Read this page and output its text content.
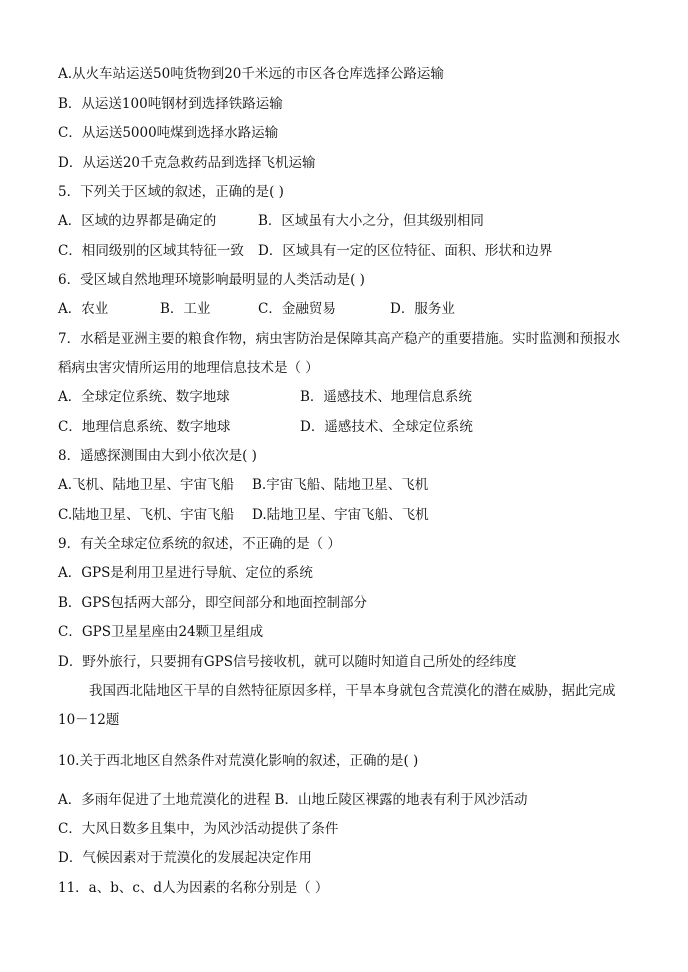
A.从火车站运送50吨货物到20千米远的市区各仓库选择公路运输
B．从运送100吨钢材到选择铁路运输
C．从运送5000吨煤到选择水路运输
D．从运送20千克急救药品到选择飞机运输
5．下列关于区域的叙述，正确的是( )
A．区域的边界都是确定的	B．区域虽有大小之分，但其级别相同
C．相同级别的区域其特征一致 D．区域具有一定的区位特征、面积、形状和边界
6．受区域自然地理环境影响最明显的人类活动是( )
A．农业	B．工业	C．金融贸易	D．服务业
7．水稻是亚洲主要的粮食作物，病虫害防治是保障其高产稳产的重要措施。实时监测和预报水
稻病虫害灾情所运用的地理信息技术是（ ）
A．全球定位系统、数字地球	B．遥感技术、地理信息系统
C．地理信息系统、数字地球	D．遥感技术、全球定位系统
8．遥感探测围由大到小依次是( )
A.飞机、陆地卫星、宇宙飞船 B.宇宙飞船、陆地卫星、飞机
C.陆地卫星、飞机、宇宙飞船 D.陆地卫星、宇宙飞船、飞机
9．有关全球定位系统的叙述，不正确的是（ ）
A．GPS是利用卫星进行导航、定位的系统
B．GPS包括两大部分，即空间部分和地面控制部分
C．GPS卫星星座由24颗卫星组成
D．野外旅行，只要拥有GPS信号接收机，就可以随时知道自己所处的经纬度
我国西北陆地区干旱的自然特征原因多样，干旱本身就包含荒漠化的潜在威胁，据此完成
10－12题
10.关于西北地区自然条件对荒漠化影响的叙述，正确的是( )
A．多雨年促进了土地荒漠化的进程 B．山地丘陵区裸露的地表有利于风沙活动
C．大风日数多且集中，为风沙活动提供了条件
D．气候因素对于荒漠化的发展起决定作用
11．a、b、c、d人为因素的名称分别是（ ）
